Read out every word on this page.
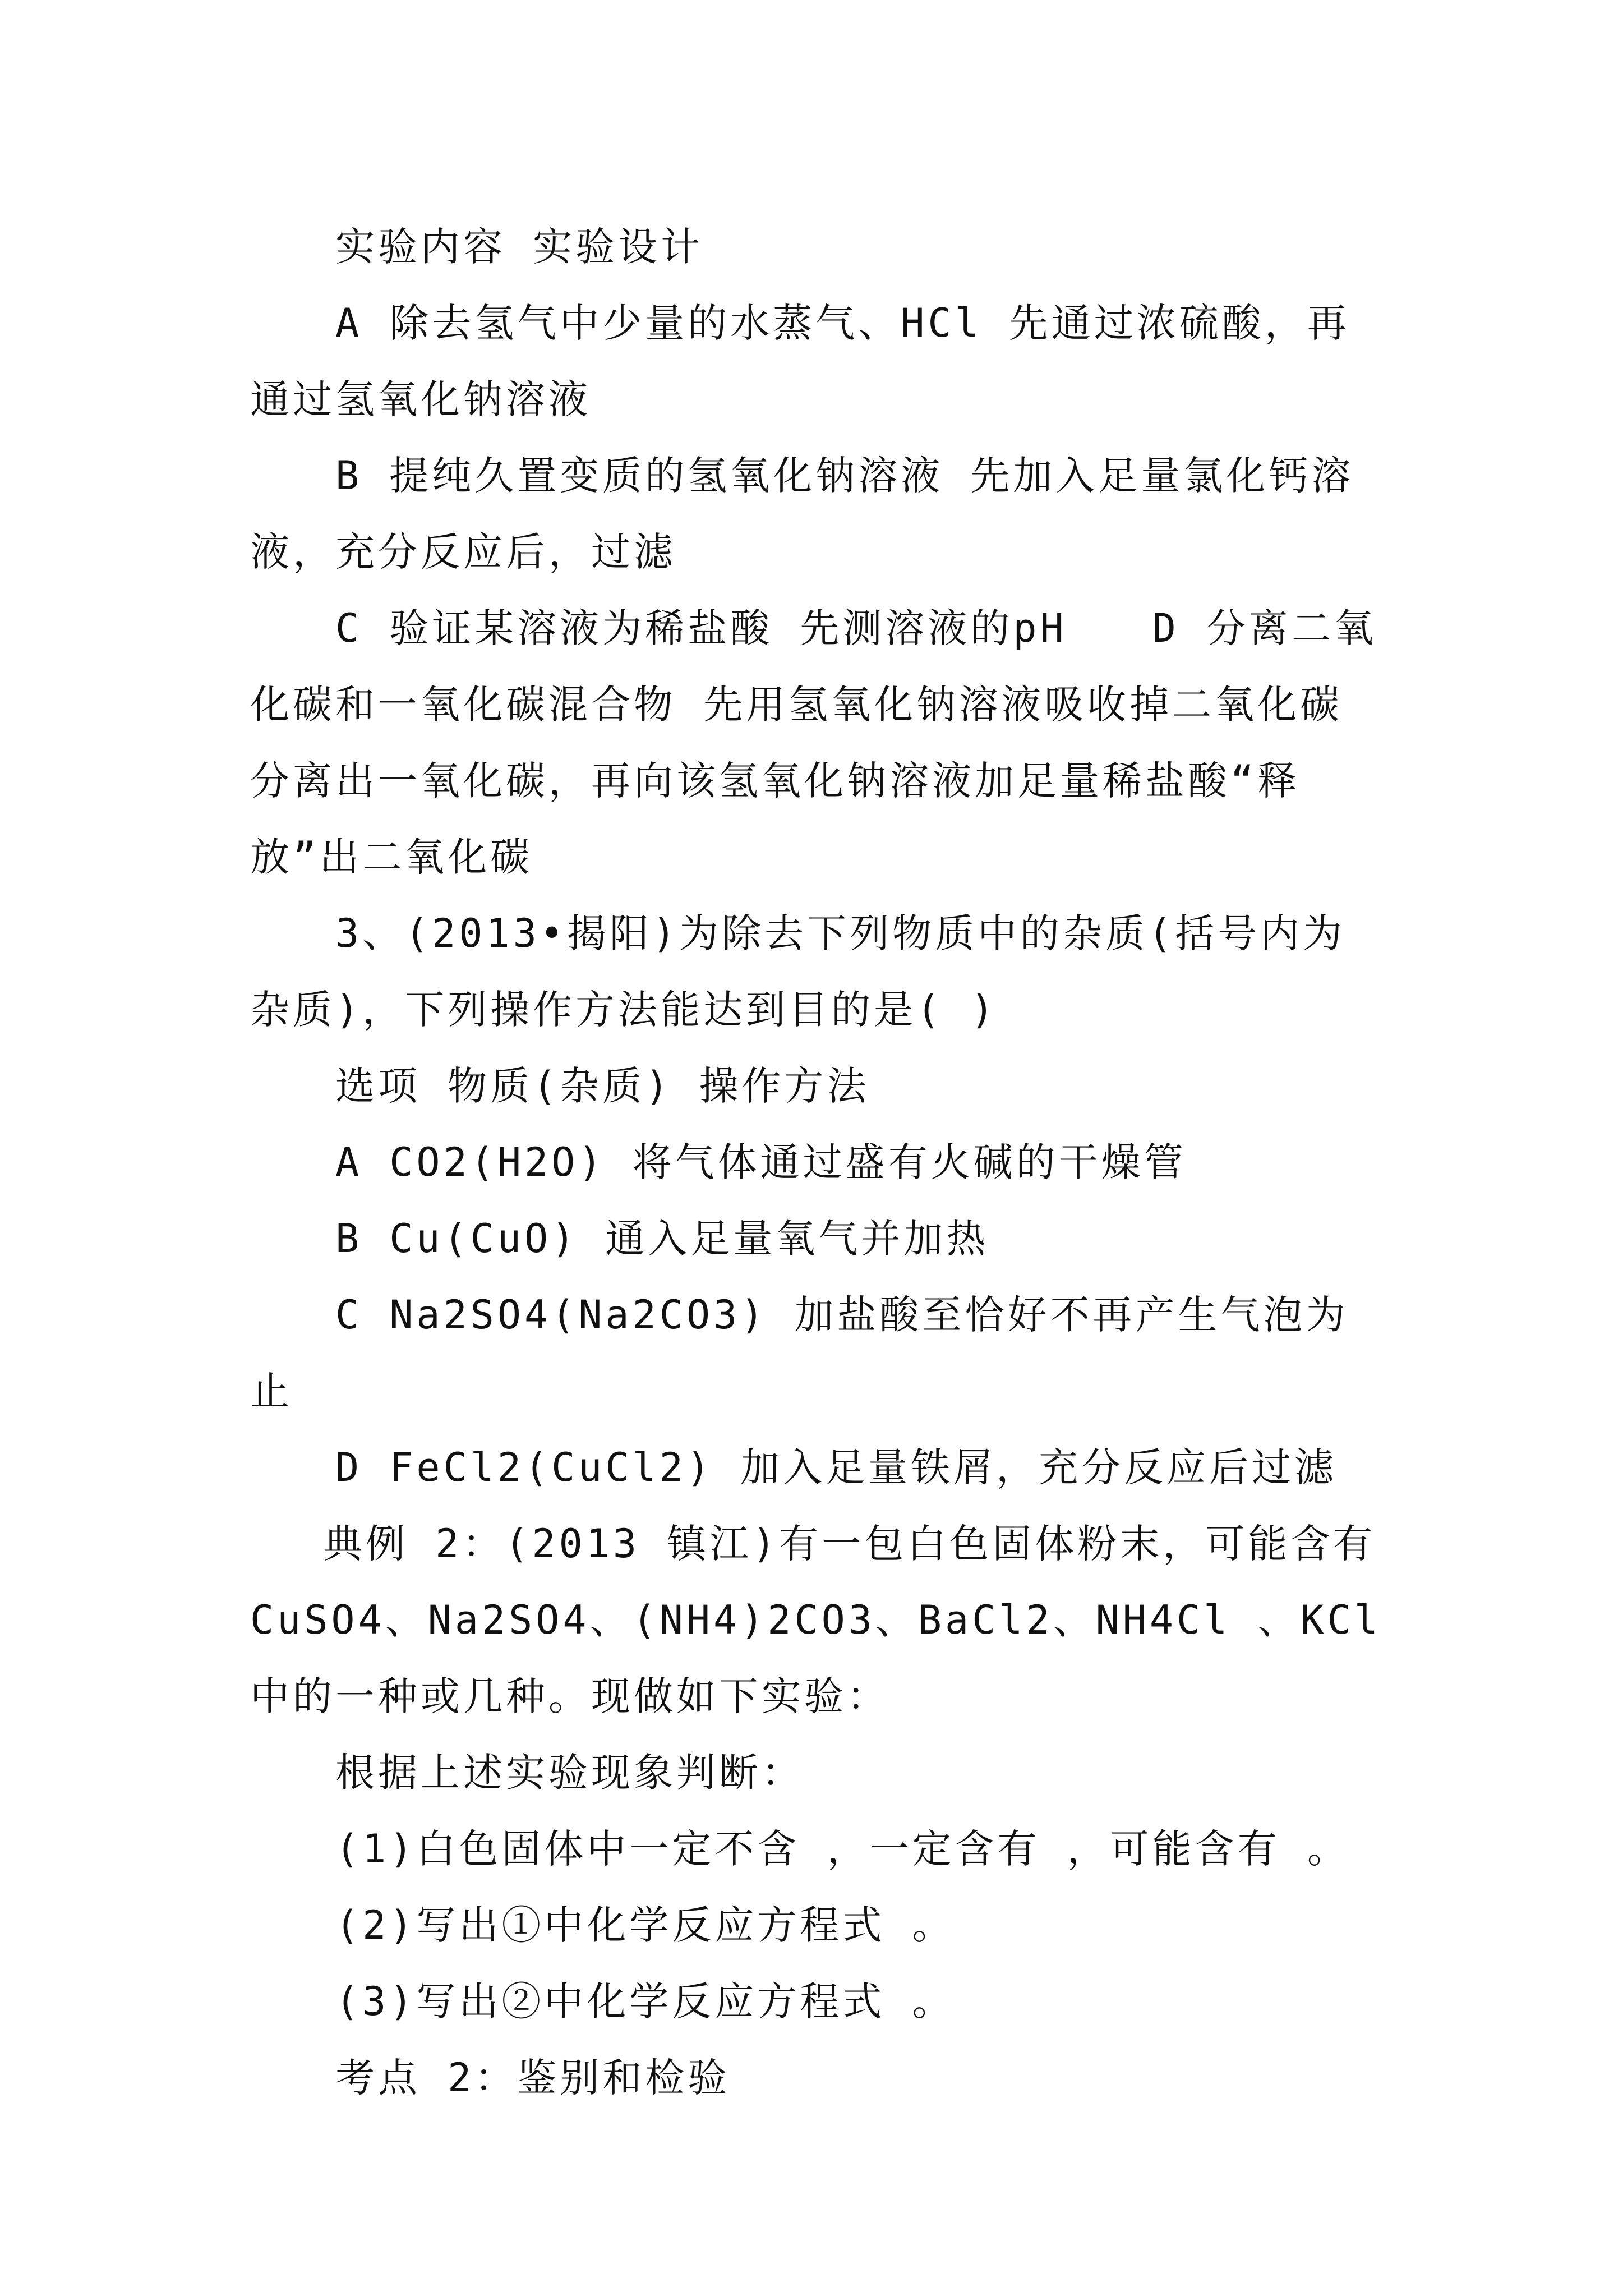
实验内容 实验设计

A 除去氢气中少量的水蒸气、HCl 先通过浓硫酸，再通过氢氧化钠溶液

B 提纯久置变质的氢氧化钠溶液 先加入足量氯化钙溶液，充分反应后，过滤

C 验证某溶液为稀盐酸 先测溶液的pH　　D 分离二氧化碳和一氧化碳混合物 先用氢氧化钠溶液吸收掉二氧化碳分离出一氧化碳，再向该氢氧化钠溶液加足量稀盐酸“释放”出二氧化碳

3、(2013•揭阳)为除去下列物质中的杂质(括号内为杂质)，下列操作方法能达到目的是( )

选项 物质(杂质) 操作方法

A CO2(H2O) 将气体通过盛有火碱的干燥管

B Cu(CuO) 通入足量氧气并加热

C Na2SO4(Na2CO3) 加盐酸至恰好不再产生气泡为止

D FeCl2(CuCl2) 加入足量铁屑，充分反应后过滤

典例 2：(2013 镇江)有一包白色固体粉末，可能含有CuSO4、Na2SO4、(NH4)2CO3、BaCl2、NH4Cl 、KCl 中的一种或几种。现做如下实验：

根据上述实验现象判断：

(1)白色固体中一定不含 ，一定含有 ，可能含有 。

(2)写出①中化学反应方程式 。

(3)写出②中化学反应方程式 。

考点 2：鉴别和检验
